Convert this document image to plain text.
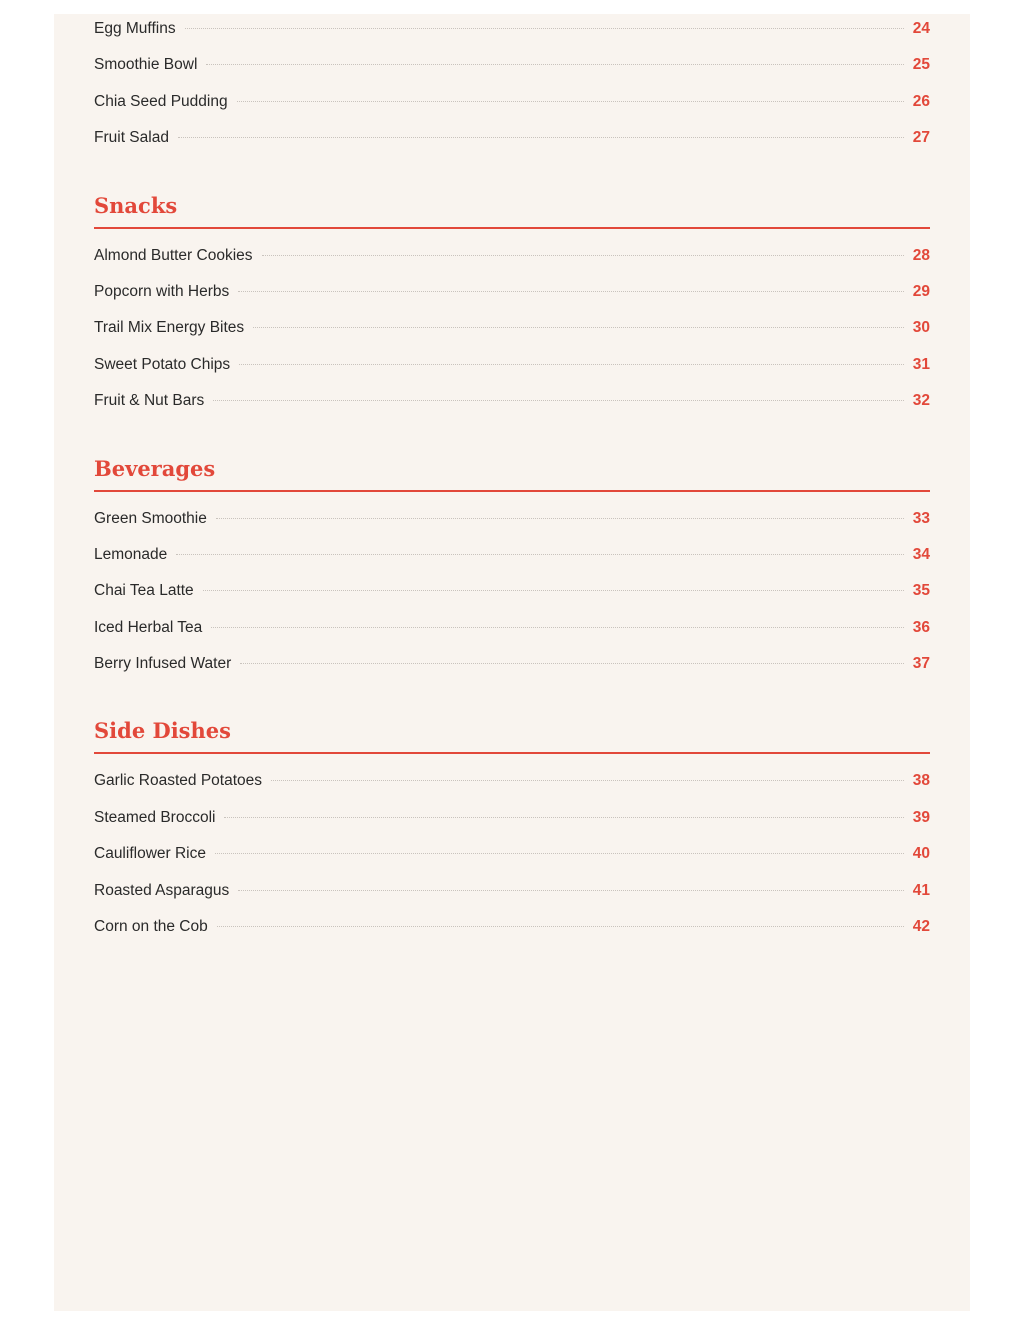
Egg Muffins	24
Smoothie Bowl	25
Chia Seed Pudding	26
Fruit Salad	27
Snacks
Almond Butter Cookies	28
Popcorn with Herbs	29
Trail Mix Energy Bites	30
Sweet Potato Chips	31
Fruit & Nut Bars	32
Beverages
Green Smoothie	33
Lemonade	34
Chai Tea Latte	35
Iced Herbal Tea	36
Berry Infused Water	37
Side Dishes
Garlic Roasted Potatoes	38
Steamed Broccoli	39
Cauliflower Rice	40
Roasted Asparagus	41
Corn on the Cob	42
